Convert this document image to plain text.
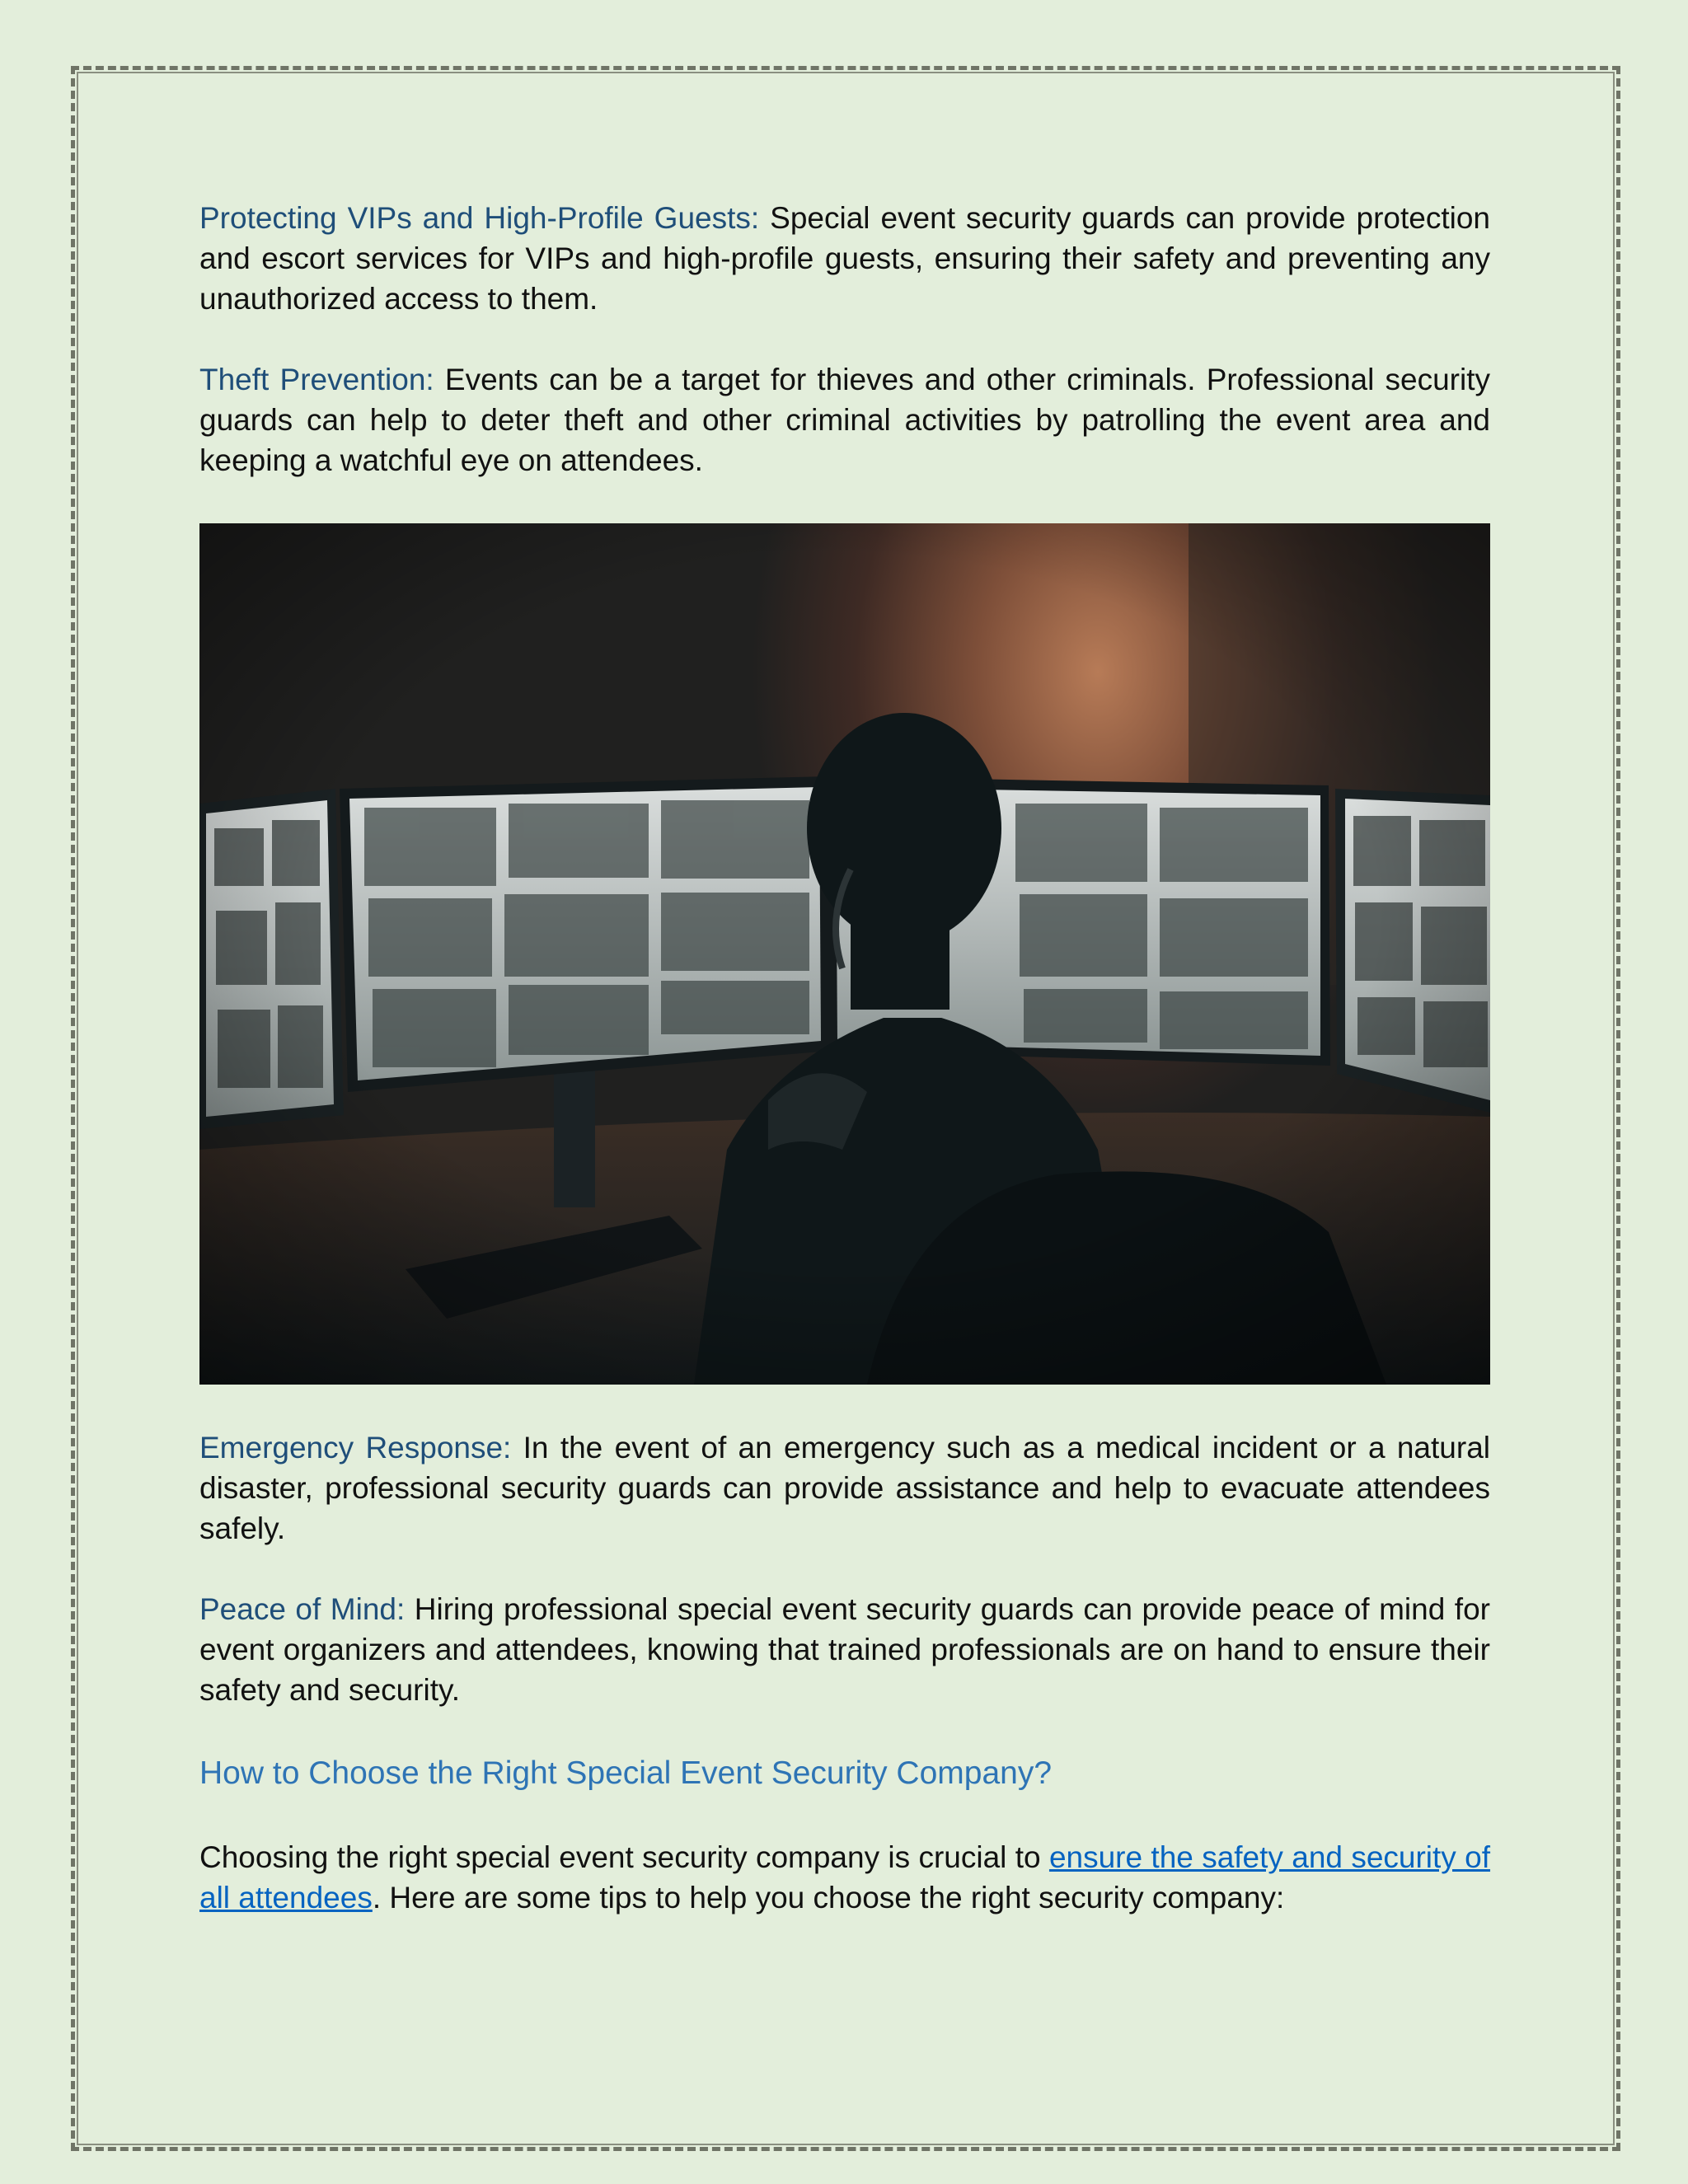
Protecting VIPs and High-Profile Guests: Special event security guards can provide protection and escort services for VIPs and high-profile guests, ensuring their safety and preventing any unauthorized access to them.

Theft Prevention: Events can be a target for thieves and other criminals. Professional security guards can help to deter theft and other criminal activities by patrolling the event area and keeping a watchful eye on attendees.

Emergency Response: In the event of an emergency such as a medical incident or a natural disaster, professional security guards can provide assistance and help to evacuate attendees safely.

Peace of Mind: Hiring professional special event security guards can provide peace of mind for event organizers and attendees, knowing that trained professionals are on hand to ensure their safety and security.

How to Choose the Right Special Event Security Company?

Choosing the right special event security company is crucial to ensure the safety and security of all attendees. Here are some tips to help you choose the right security company:
